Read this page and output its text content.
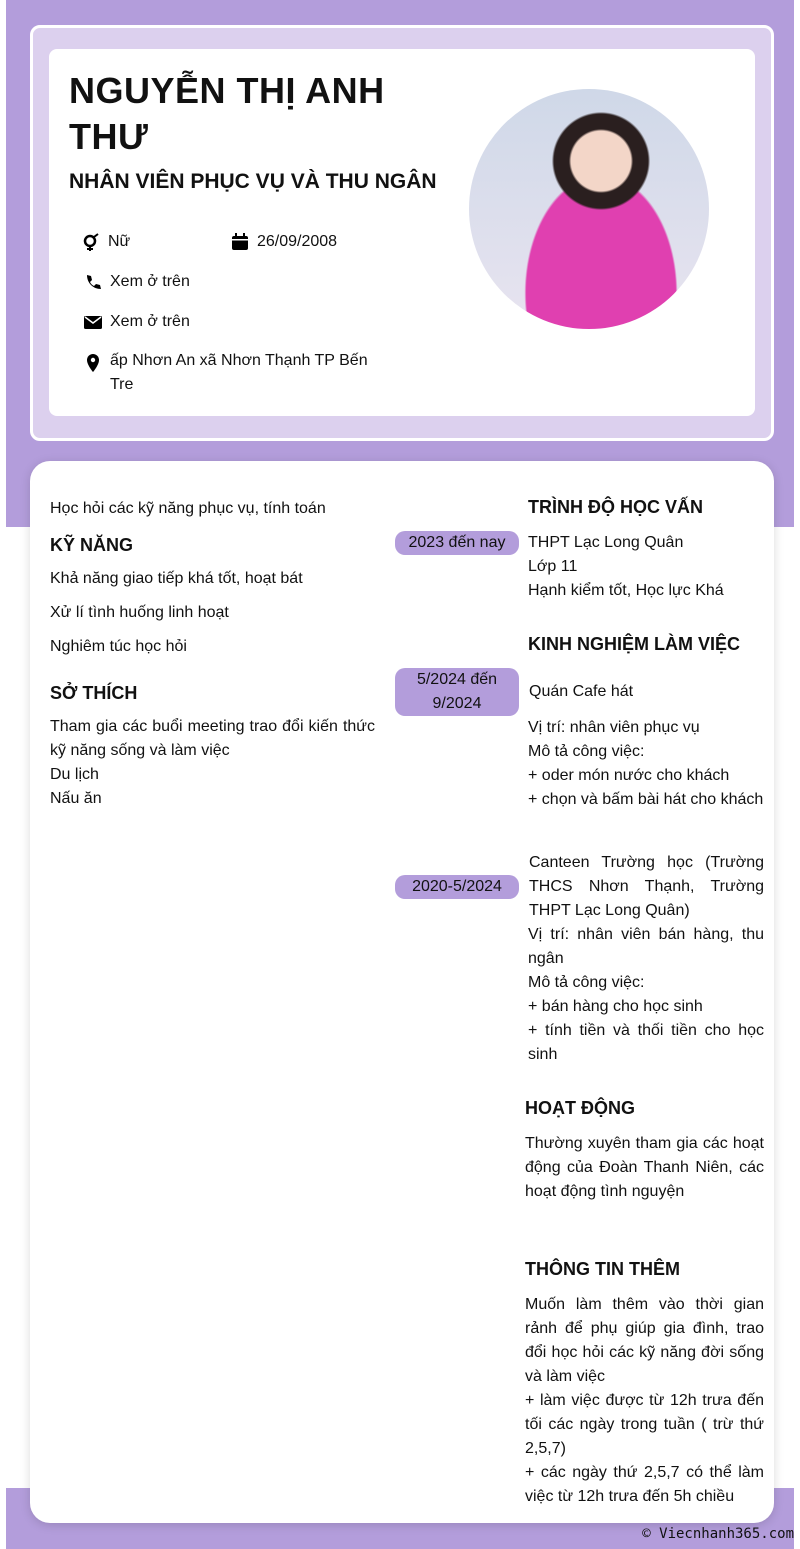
NGUYỄN THỊ ANH THƯ
NHÂN VIÊN PHỤC VỤ VÀ THU NGÂN
Nữ	26/09/2008
Xem ở trên
Xem ở trên
ấp Nhơn An xã Nhơn Thạnh TP Bến Tre
Học hỏi các kỹ năng phục vụ, tính toán
KỸ NĂNG
Khả năng giao tiếp khá tốt, hoạt bát
Xử lí tình huống linh hoạt
Nghiêm túc học hỏi
SỞ THÍCH
Tham gia các buổi meeting trao đổi kiến thức kỹ năng sống và làm việc
Du lịch
Nấu ăn
TRÌNH ĐỘ HỌC VẤN
2023 đến nay	THPT Lạc Long Quân
Lớp 11
Hạnh kiểm tốt, Học lực Khá
KINH NGHIỆM LÀM VIỆC
5/2024 đến 9/2024
Quán Cafe hát
Vị trí: nhân viên phục vụ
Mô tả công việc:
+ oder món nước cho khách
+ chọn và bấm bài hát cho khách
2020-5/2024
Canteen Trường học (Trường THCS Nhơn Thạnh, Trường THPT Lạc Long Quân)
Vị trí: nhân viên bán hàng, thu ngân
Mô tả công việc:
+ bán hàng cho học sinh
+ tính tiền và thối tiền cho học sinh
HOẠT ĐỘNG
Thường xuyên tham gia các hoạt động của Đoàn Thanh Niên, các hoạt động tình nguyện
THÔNG TIN THÊM
Muốn làm thêm vào thời gian rảnh để phụ giúp gia đình, trao đổi học hỏi các kỹ năng đời sống và làm việc
+ làm việc được từ 12h trưa đến tối các ngày trong tuần ( trừ thứ 2,5,7)
+ các ngày thứ 2,5,7 có thể làm việc từ 12h trưa đến 5h chiều
© Viecnhanh365.com
